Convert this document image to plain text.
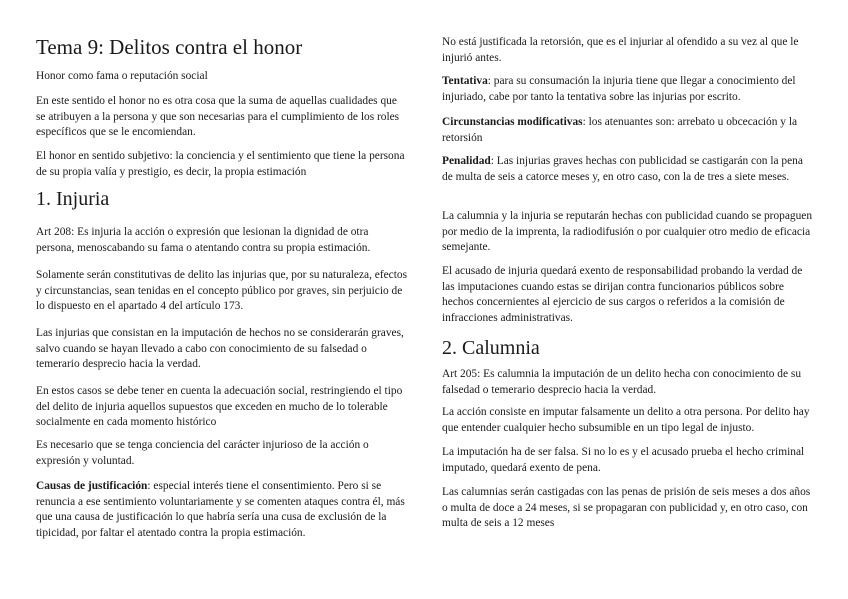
Tema 9: Delitos contra el honor

Honor como fama o reputación social

En este sentido el honor no es otra cosa que la suma de aquellas cualidades que se atribuyen a la persona y que son necesarias para el cumplimiento de los roles específicos que se le encomiendan.

El honor en sentido subjetivo: la conciencia y el sentimiento que tiene la persona de su propia valía y prestigio, es decir, la propia estimación

1. Injuria

Art 208: Es injuria la acción o expresión que lesionan la dignidad de otra persona, menoscabando su fama o atentando contra su propia estimación.

Solamente serán constitutivas de delito las injurias que, por su naturaleza, efectos y circunstancias, sean tenidas en el concepto público por graves, sin perjuicio de lo dispuesto en el apartado 4 del artículo 173.

Las injurias que consistan en la imputación de hechos no se considerarán graves, salvo cuando se hayan llevado a cabo con conocimiento de su falsedad o temerario desprecio hacia la verdad.

En estos casos se debe tener en cuenta la adecuación social, restringiendo el tipo del delito de injuria aquellos supuestos que exceden en mucho de lo tolerable socialmente en cada momento histórico

Es necesario que se tenga conciencia del carácter injurioso de la acción o expresión y voluntad.

Causas de justificación: especial interés tiene el consentimiento. Pero si se renuncia a ese sentimiento voluntariamente y se comenten ataques contra él, más que una causa de justificación lo que habría sería una cusa de exclusión de la tipicidad, por faltar el atentado contra la propia estimación.

No está justificada la retorsión, que es el injuriar al ofendido a su vez al que le injurió antes.

Tentativa: para su consumación la injuria tiene que llegar a conocimiento del injuriado, cabe por tanto la tentativa sobre las injurias por escrito.

Circunstancias modificativas: los atenuantes son: arrebato u obcecación y la retorsión

Penalidad: Las injurias graves hechas con publicidad se castigarán con la pena de multa de seis a catorce meses y, en otro caso, con la de tres a siete meses.

La calumnia y la injuria se reputarán hechas con publicidad cuando se propaguen por medio de la imprenta, la radiodifusión o por cualquier otro medio de eficacia semejante.

El acusado de injuria quedará exento de responsabilidad probando la verdad de las imputaciones cuando estas se dirijan contra funcionarios públicos sobre hechos concernientes al ejercicio de sus cargos o referidos a la comisión de infracciones administrativas.

2. Calumnia

Art 205: Es calumnia la imputación de un delito hecha con conocimiento de su falsedad o temerario desprecio hacia la verdad.

La acción consiste en imputar falsamente un delito a otra persona. Por delito hay que entender cualquier hecho subsumible en un tipo legal de injusto.

La imputación ha de ser falsa. Si no lo es y el acusado prueba el hecho criminal imputado, quedará exento de pena.

Las calumnias serán castigadas con las penas de prisión de seis meses a dos años o multa de doce a 24 meses, si se propagaran con publicidad y, en otro caso, con multa de seis a 12 meses
